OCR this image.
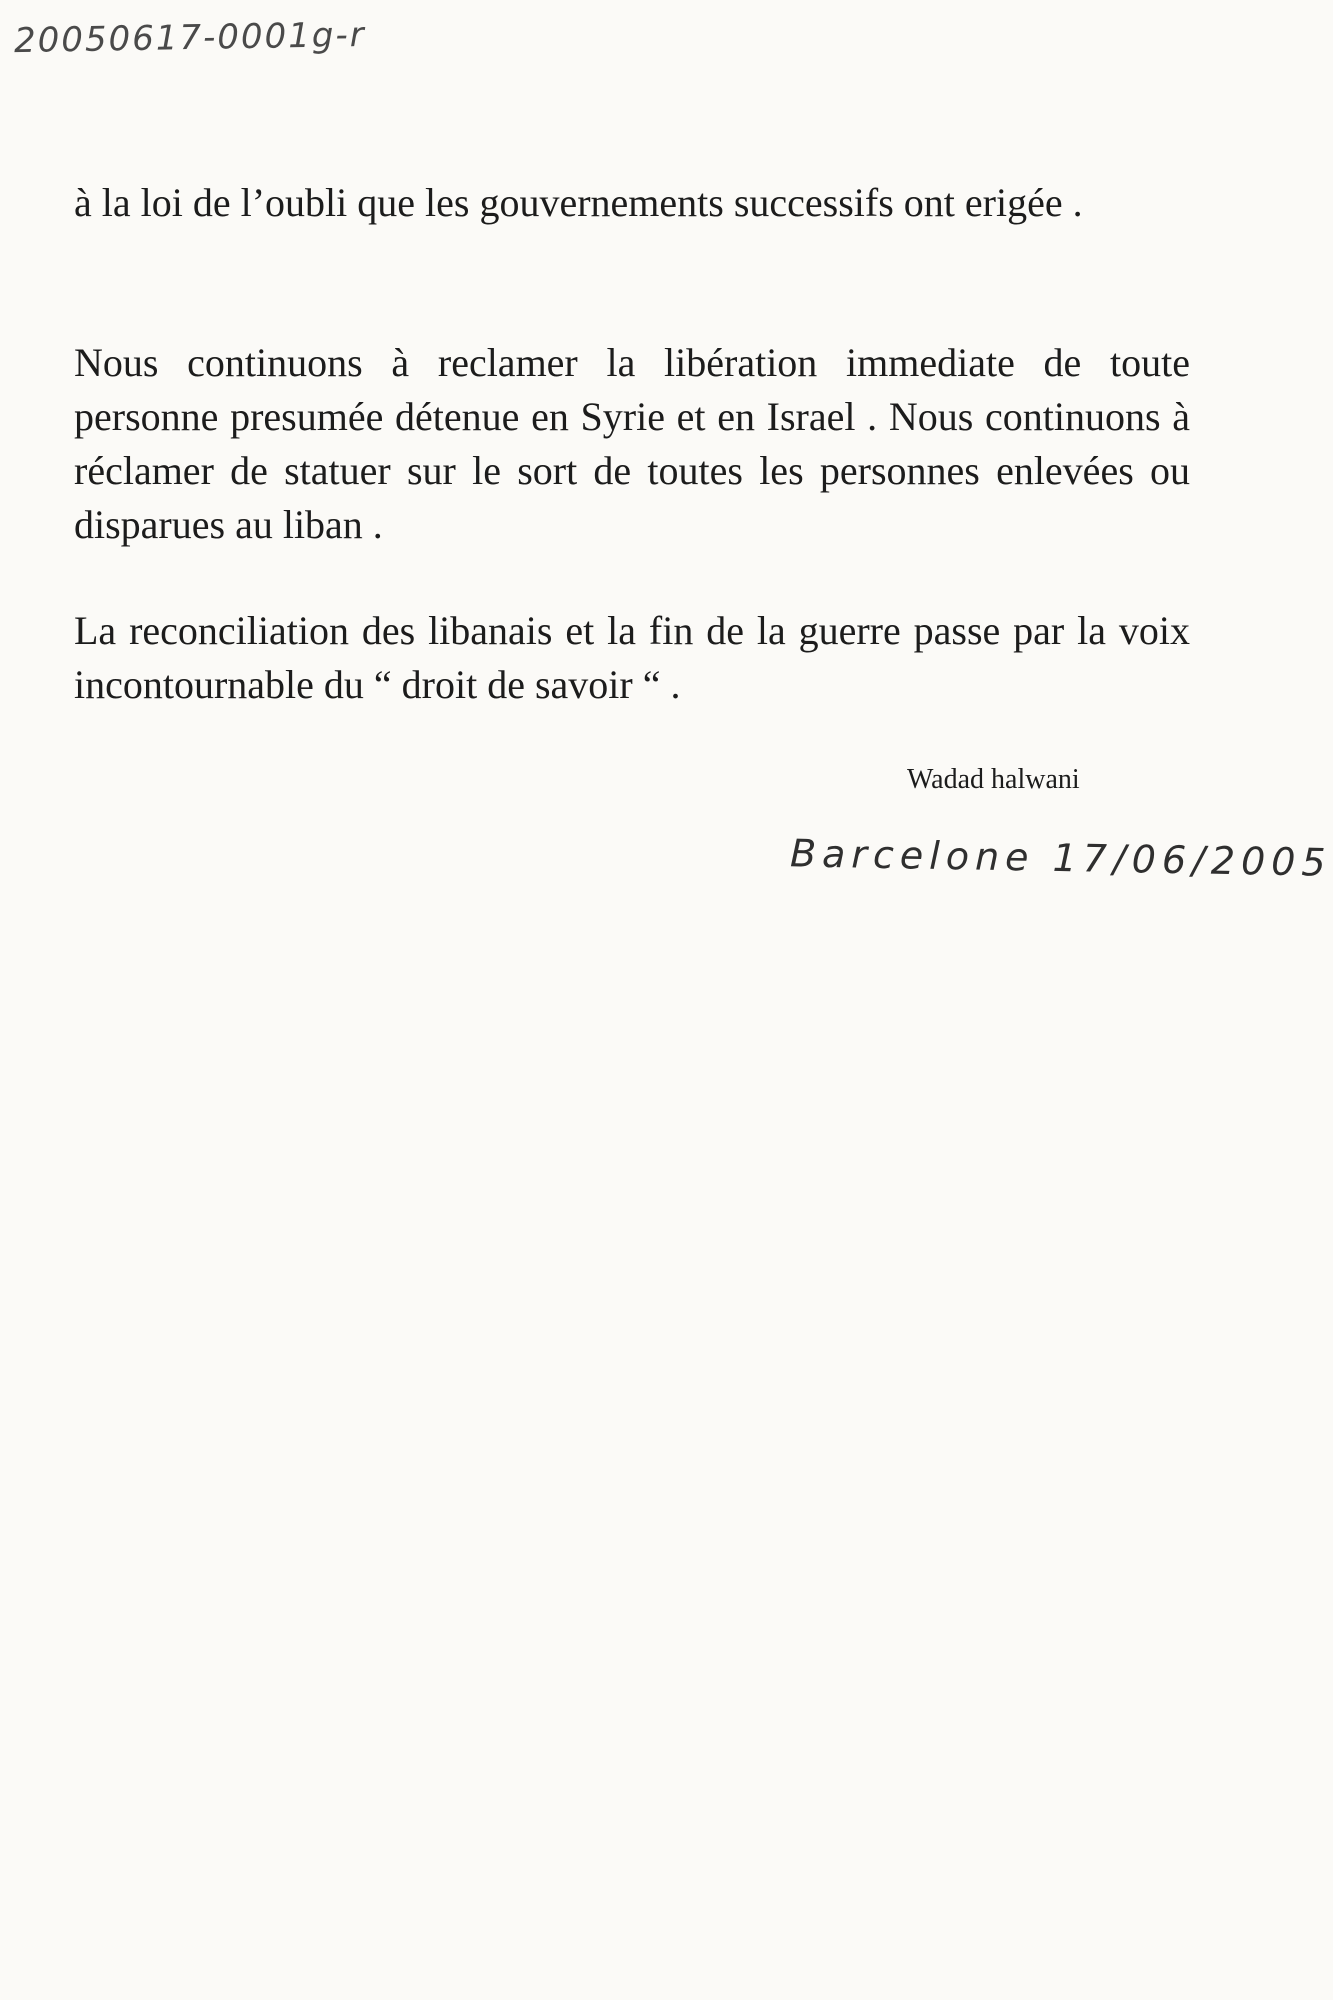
20050617-0001g-r

à la loi de l’oubli que les gouvernements successifs ont erigée .

Nous continuons à reclamer la libération immediate de toute personne presumée détenue en Syrie et en Israel . Nous continuons à réclamer de statuer sur le sort de toutes les personnes enlevées ou disparues au liban .

La reconciliation des libanais et la fin de la guerre passe par la voix incontournable du “ droit de savoir “ .

Wadad halwani
Barcelone 17/06/2005
